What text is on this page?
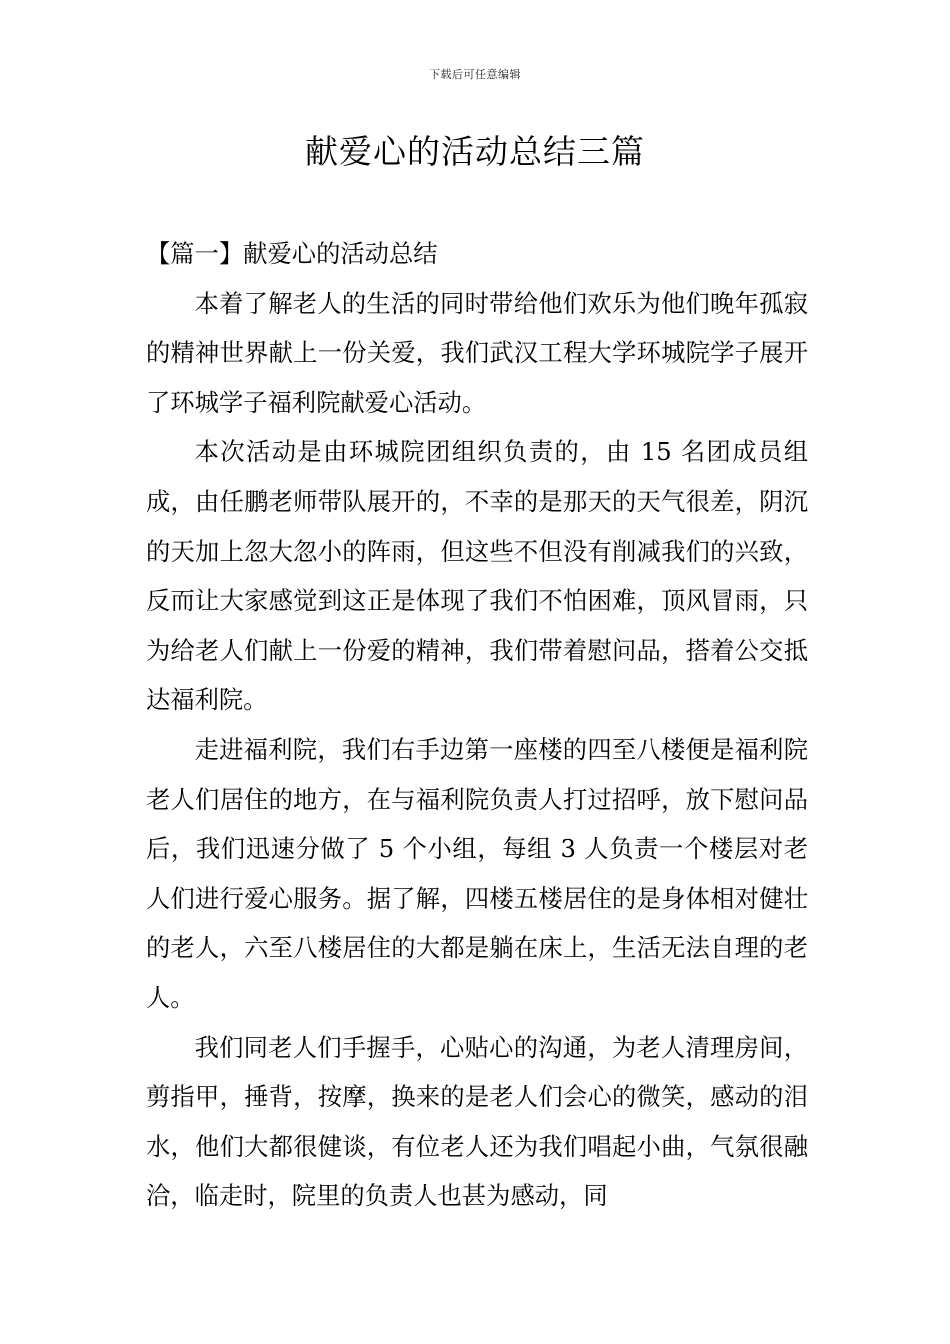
下载后可任意编辑
献爱心的活动总结三篇
【篇一】献爱心的活动总结

本着了解老人的生活的同时带给他们欢乐为他们晚年孤寂的精神世界献上一份关爱，我们武汉工程大学环城院学子展开了环城学子福利院献爱心活动。

本次活动是由环城院团组织负责的，由 15 名团成员组成，由任鹏老师带队展开的，不幸的是那天的天气很差，阴沉的天加上忽大忽小的阵雨，但这些不但没有削减我们的兴致，反而让大家感觉到这正是体现了我们不怕困难，顶风冒雨，只为给老人们献上一份爱的精神，我们带着慰问品，搭着公交抵达福利院。

走进福利院，我们右手边第一座楼的四至八楼便是福利院老人们居住的地方，在与福利院负责人打过招呼，放下慰问品后，我们迅速分做了 5 个小组，每组 3 人负责一个楼层对老人们进行爱心服务。据了解，四楼五楼居住的是身体相对健壮的老人，六至八楼居住的大都是躺在床上，生活无法自理的老人。

我们同老人们手握手，心贴心的沟通，为老人清理房间，剪指甲，捶背，按摩，换来的是老人们会心的微笑，感动的泪水，他们大都很健谈，有位老人还为我们唱起小曲，气氛很融洽，临走时，院里的负责人也甚为感动，同
